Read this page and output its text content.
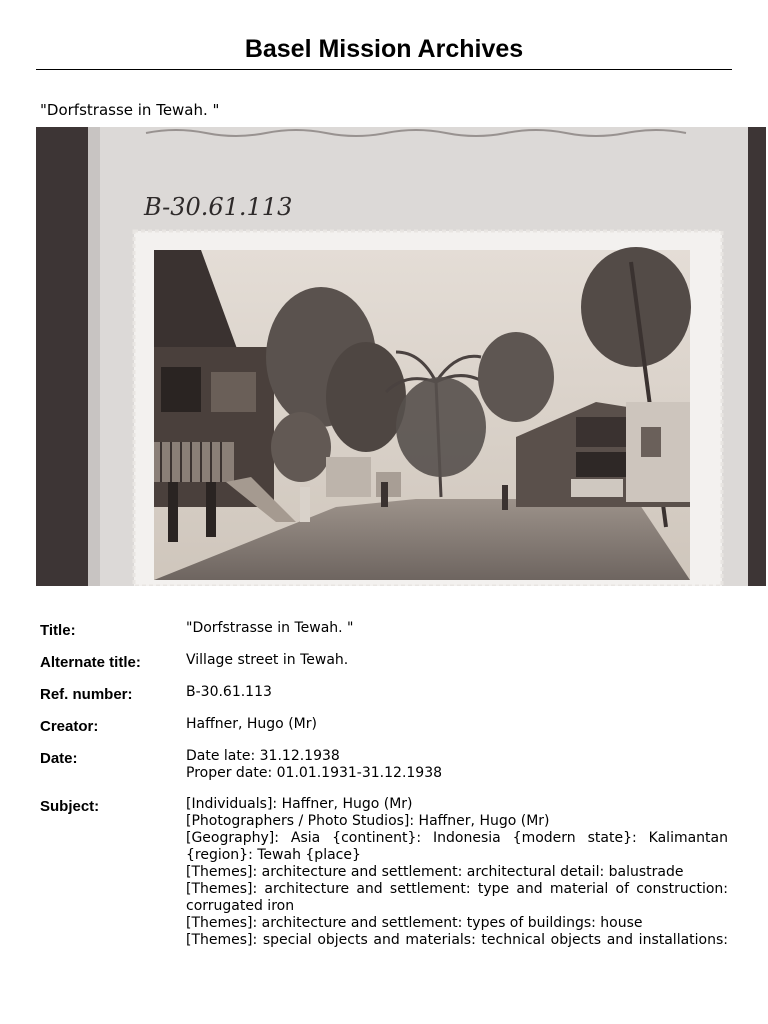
Basel Mission Archives
"Dorfstrasse in Tewah. "
B-30.61.113
Title:	"Dorfstrasse in Tewah. "
Alternate title:	Village street in Tewah.
Ref. number:	B-30.61.113
Creator:	Haffner, Hugo (Mr)
Date:	Date late: 31.12.1938
Proper date: 01.01.1931-31.12.1938
Subject:	[Individuals]: Haffner, Hugo (Mr)
[Photographers / Photo Studios]: Haffner, Hugo (Mr)
[Geography]: Asia {continent}: Indonesia {modern state}: Kalimantan
{region}: Tewah {place}
[Themes]: architecture and settlement: architectural detail: balustrade
[Themes]: architecture and settlement: type and material of construction:
corrugated iron
[Themes]: architecture and settlement: types of buildings: house
[Themes]: special objects and materials: technical objects and installations:
